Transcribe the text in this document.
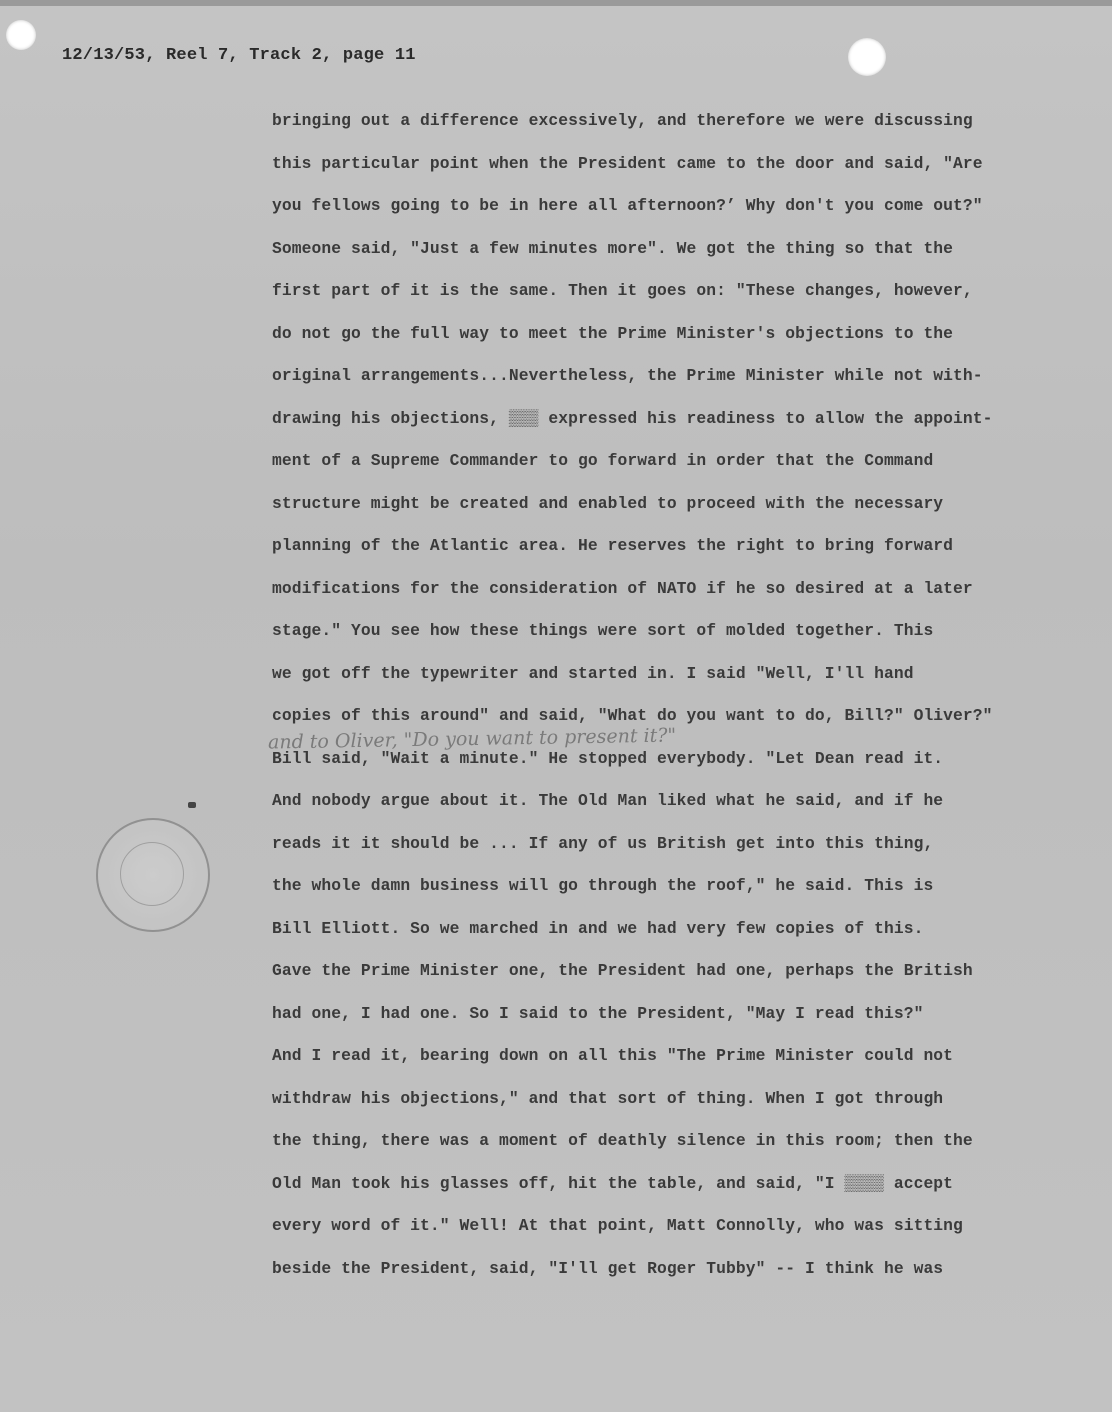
12/13/53, Reel 7, Track 2, page 11
bringing out a difference excessively, and therefore we were discussing
this particular point when the President came to the door and said, "Are
you fellows going to be in here all afternoon?’ Why don't you come out?"
Someone said, "Just a few minutes more". We got the thing so that the
first part of it is the same. Then it goes on: "These changes, however,
do not go the full way to meet the Prime Minister's objections to the
original arrangements...Nevertheless, the Prime Minister while not with-
drawing his objections, ▒▒▒ expressed his readiness to allow the appoint-
ment of a Supreme Commander to go forward in order that the Command
structure might be created and enabled to proceed with the necessary
planning of the Atlantic area. He reserves the right to bring forward
modifications for the consideration of NATO if he so desired at a later
stage." You see how these things were sort of molded together. This
we got off the typewriter and started in. I said "Well, I'll hand
copies of this around" and said, "What do you want to do, Bill?" Oliver?"
Bill said, "Wait a minute." He stopped everybody. "Let Dean read it.
And nobody argue about it. The Old Man liked what he said, and if he
reads it it should be ... If any of us British get into this thing,
the whole damn business will go through the roof," he said. This is
Bill Elliott. So we marched in and we had very few copies of this.
Gave the Prime Minister one, the President had one, perhaps the British
had one, I had one. So I said to the President, "May I read this?"
And I read it, bearing down on all this "The Prime Minister could not
withdraw his objections," and that sort of thing. When I got through
the thing, there was a moment of deathly silence in this room; then the
Old Man took his glasses off, hit the table, and said, "I ▒▒▒▒ accept
every word of it." Well! At that point, Matt Connolly, who was sitting
beside the President, said, "I'll get Roger Tubby" -- I think he was
and to Oliver, "Do you want to present it?"
